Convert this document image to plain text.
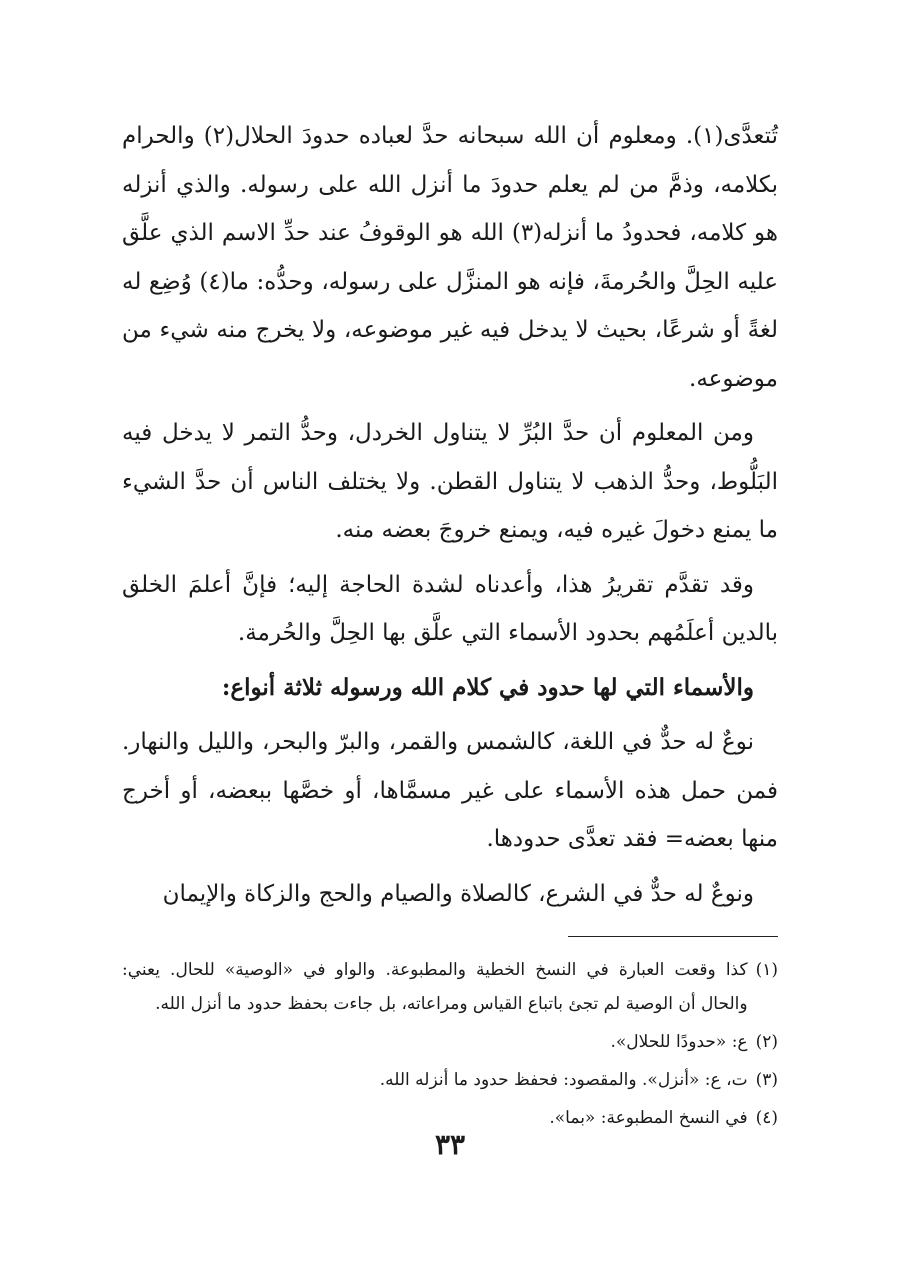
تُتعدَّى(١). ومعلوم أن الله سبحانه حدَّ لعباده حدودَ الحلال(٢) والحرام بكلامه، وذمَّ من لم يعلم حدودَ ما أنزل الله على رسوله. والذي أنزله هو كلامه، فحدودُ ما أنزله(٣) الله هو الوقوفُ عند حدِّ الاسم الذي علَّق عليه الحِلَّ والحُرمةَ، فإنه هو المنزَّل على رسوله، وحدُّه: ما(٤) وُضِع له لغةً أو شرعًا، بحيث لا يدخل فيه غير موضوعه، ولا يخرج منه شيء من موضوعه.

ومن المعلوم أن حدَّ البُرِّ لا يتناول الخردل، وحدُّ التمر لا يدخل فيه البَلُّوط، وحدُّ الذهب لا يتناول القطن. ولا يختلف الناس أن حدَّ الشيء ما يمنع دخولَ غيره فيه، ويمنع خروجَ بعضه منه.

وقد تقدَّم تقريرُ هذا، وأعدناه لشدة الحاجة إليه؛ فإنَّ أعلمَ الخلق بالدين أعلَمُهم بحدود الأسماء التي علَّق بها الحِلَّ والحُرمة.

والأسماء التي لها حدود في كلام الله ورسوله ثلاثة أنواع:

نوعٌ له حدٌّ في اللغة، كالشمس والقمر، والبرّ والبحر، والليل والنهار. فمن حمل هذه الأسماء على غير مسمَّاها، أو خصَّها ببعضه، أو أخرج منها بعضه= فقد تعدَّى حدودها.

ونوعٌ له حدٌّ في الشرع، كالصلاة والصيام والحج والزكاة والإيمان

(١)
كذا وقعت العبارة في النسخ الخطية والمطبوعة. والواو في «الوصية» للحال. يعني: والحال أن الوصية لم تجئ باتباع القياس ومراعاته، بل جاءت بحفظ حدود ما أنزل الله.
(٢)
ع: «حدودًا للحلال».
(٣)
ت، ع: «أنزل». والمقصود: فحفظ حدود ما أنزله الله.
(٤)
في النسخ المطبوعة: «بما».
٣٣
